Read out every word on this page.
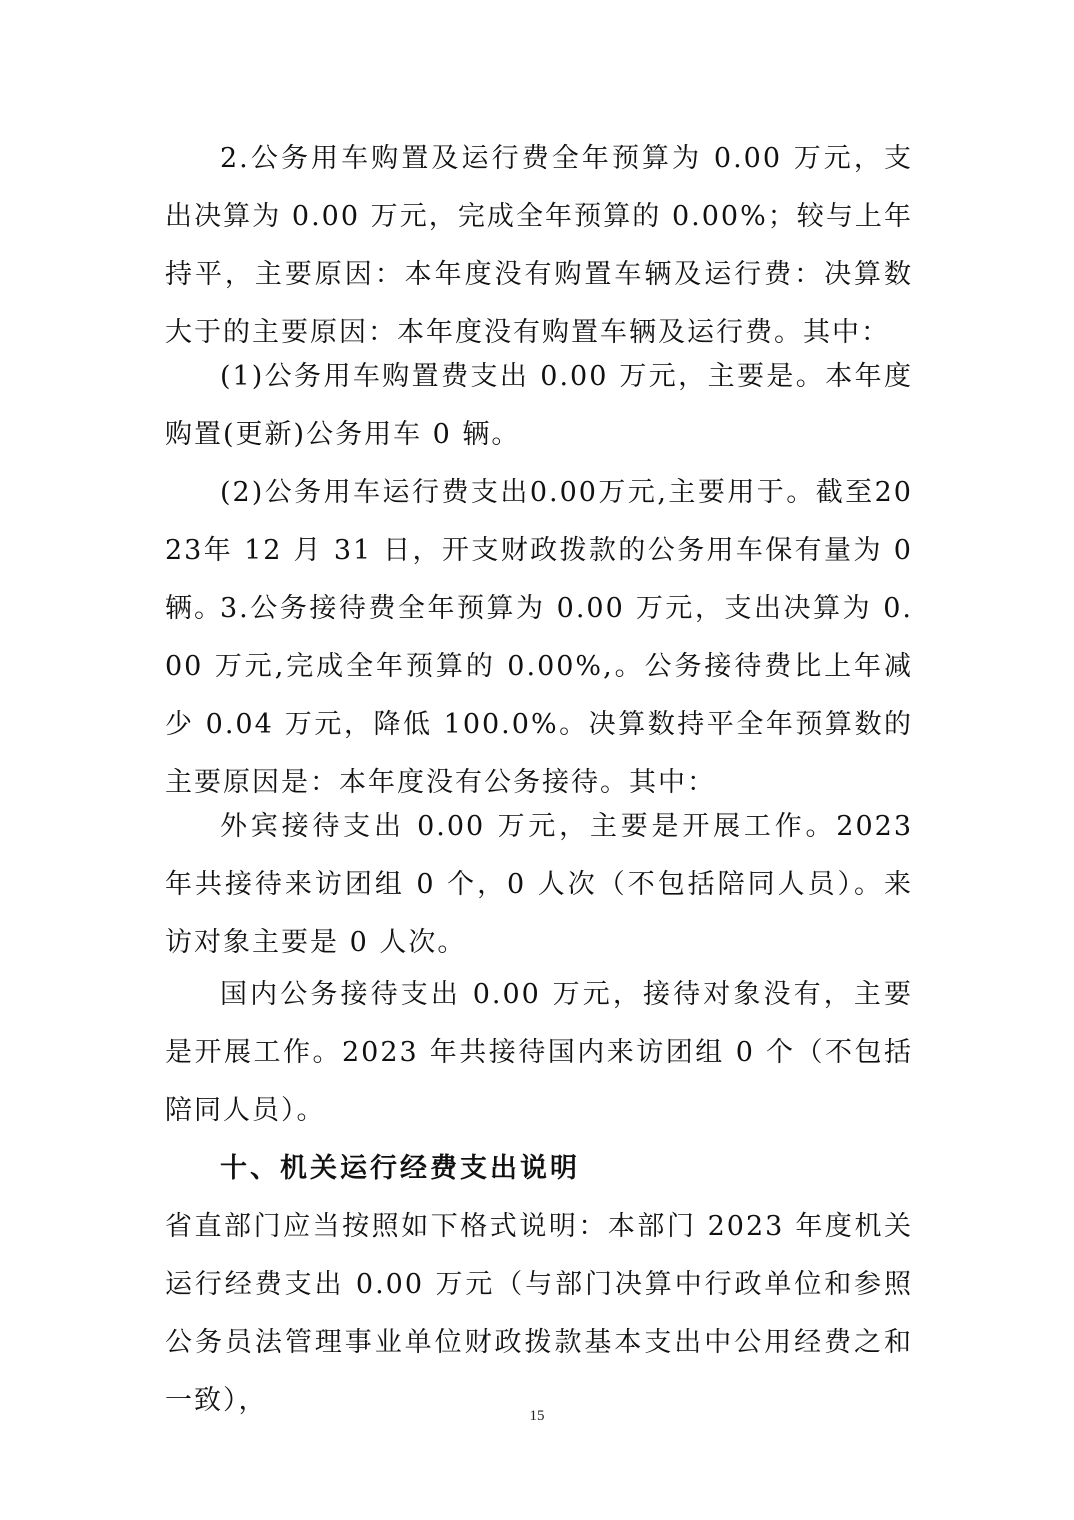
2.公务用车购置及运行费全年预算为 0.00 万元，支出决算为 0.00 万元，完成全年预算的 0.00%；较与上年持平，主要原因：本年度没有购置车辆及运行费：决算数大于的主要原因：本年度没有购置车辆及运行费。其中：

(1)公务用车购置费支出 0.00 万元，主要是。本年度购置(更新)公务用车 0 辆。

(2)公务用车运行费支出0.00万元,主要用于。截至2023年 12 月 31 日，开支财政拨款的公务用车保有量为 0 辆。

3.公务接待费全年预算为 0.00 万元，支出决算为 0.00 万元,完成全年预算的 0.00%,。公务接待费比上年减少 0.04 万元，降低 100.0%。决算数持平全年预算数的主要原因是：本年度没有公务接待。其中：

外宾接待支出 0.00 万元，主要是开展工作。2023 年共接待来访团组 0 个，0 人次（不包括陪同人员）。来访对象主要是 0 人次。

国内公务接待支出 0.00 万元，接待对象没有，主要是开展工作。2023 年共接待国内来访团组 0 个（不包括陪同人员）。

十、机关运行经费支出说明

省直部门应当按照如下格式说明：本部门 2023 年度机关运行经费支出 0.00 万元（与部门决算中行政单位和参照公务员法管理事业单位财政拨款基本支出中公用经费之和一致），	15
